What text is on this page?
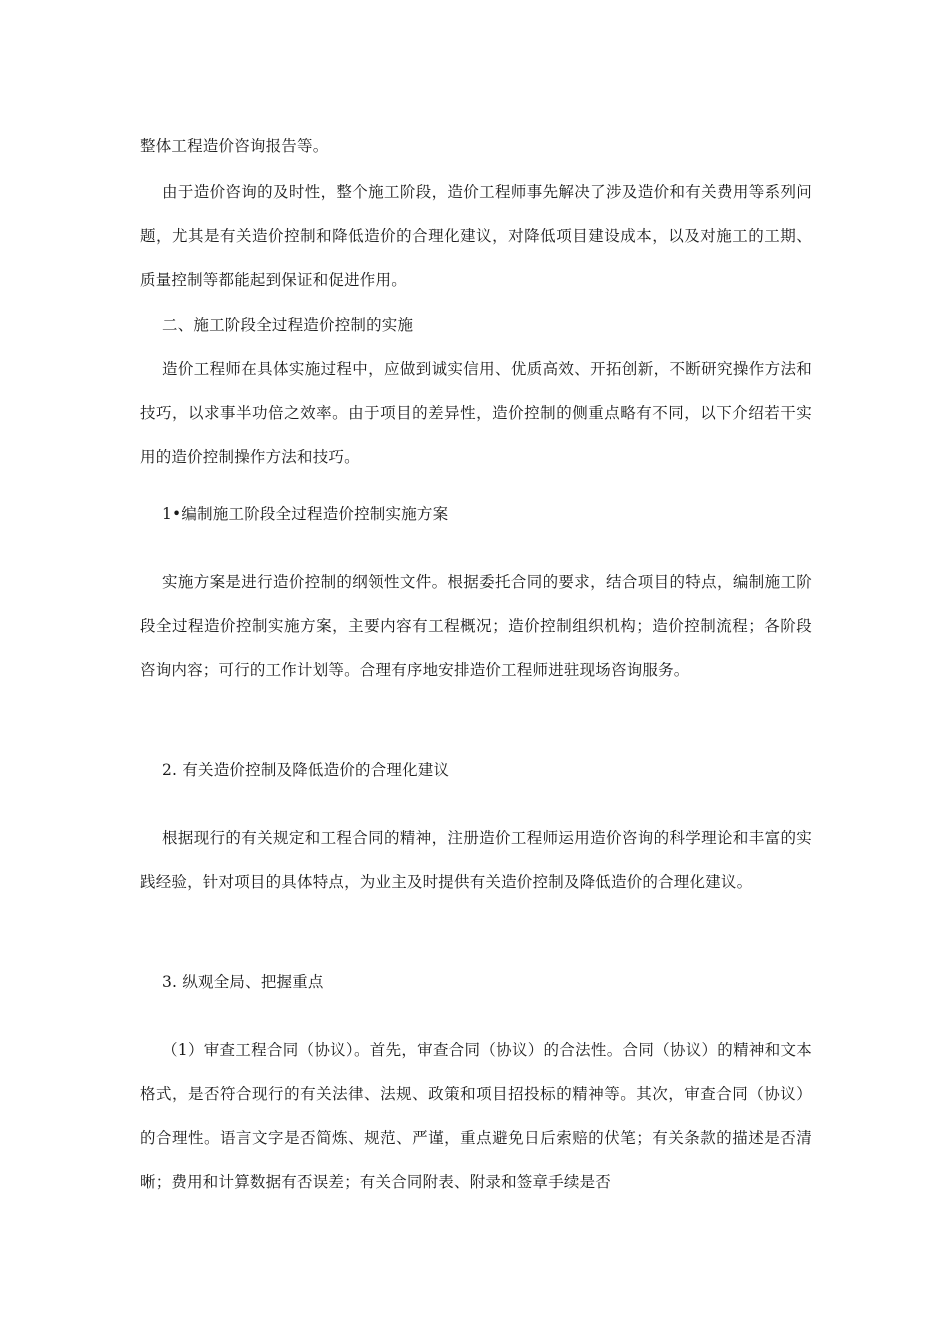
整体工程造价咨询报告等。

由于造价咨询的及时性，整个施工阶段，造价工程师事先解决了涉及造价和有关费用等系列问题，尤其是有关造价控制和降低造价的合理化建议，对降低项目建设成本，以及对施工的工期、质量控制等都能起到保证和促进作用。

二、施工阶段全过程造价控制的实施

造价工程师在具体实施过程中，应做到诚实信用、优质高效、开拓创新，不断研究操作方法和技巧，以求事半功倍之效率。由于项目的差异性，造价控制的侧重点略有不同，以下介绍若干实用的造价控制操作方法和技巧。

1•编制施工阶段全过程造价控制实施方案

实施方案是进行造价控制的纲领性文件。根据委托合同的要求，结合项目的特点，编制施工阶段全过程造价控制实施方案，主要内容有工程概况；造价控制组织机构；造价控制流程；各阶段咨询内容；可行的工作计划等。合理有序地安排造价工程师进驻现场咨询服务。

2. 有关造价控制及降低造价的合理化建议

根据现行的有关规定和工程合同的精神，注册造价工程师运用造价咨询的科学理论和丰富的实践经验，针对项目的具体特点，为业主及时提供有关造价控制及降低造价的合理化建议。

3. 纵观全局、把握重点

（1）审查工程合同（协议）。首先，审查合同（协议）的合法性。合同（协议）的精神和文本格式，是否符合现行的有关法律、法规、政策和项目招投标的精神等。其次，审查合同（协议）的合理性。语言文字是否简炼、规范、严谨，重点避免日后索赔的伏笔；有关条款的描述是否清晰；费用和计算数据有否误差；有关合同附表、附录和签章手续是否
